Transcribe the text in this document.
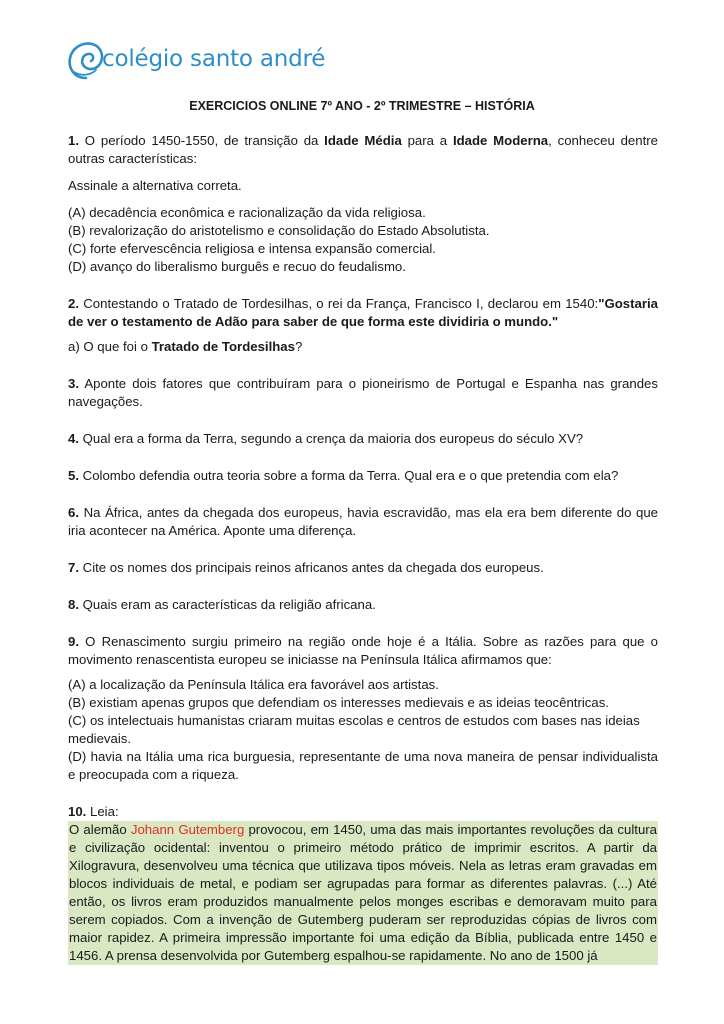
colégio santo andré
EXERCICIOS ONLINE 7º ANO - 2º TRIMESTRE – HISTÓRIA

1. O período 1450-1550, de transição da Idade Média para a Idade Moderna, conheceu dentre outras características:

Assinale a alternativa correta.

(A) decadência econômica e racionalização da vida religiosa.

(B) revalorização do aristotelismo e consolidação do Estado Absolutista.

(C) forte efervescência religiosa e intensa expansão comercial.

(D) avanço do liberalismo burguês e recuo do feudalismo.

2. Contestando o Tratado de Tordesilhas, o rei da França, Francisco I, declarou em 1540:"Gostaria de ver o testamento de Adão para saber de que forma este dividiria o mundo."

a) O que foi o Tratado de Tordesilhas?

3. Aponte dois fatores que contribuíram para o pioneirismo de Portugal e Espanha nas grandes navegações.

4. Qual era a forma da Terra, segundo a crença da maioria dos europeus do século XV?

5. Colombo defendia outra teoria sobre a forma da Terra. Qual era e o que pretendia com ela?

6. Na África, antes da chegada dos europeus, havia escravidão, mas ela era bem diferente do que iria acontecer na América. Aponte uma diferença.

7. Cite os nomes dos principais reinos africanos antes da chegada dos europeus.

8. Quais eram as características da religião africana.

9. O Renascimento surgiu primeiro na região onde hoje é a Itália. Sobre as razões para que o movimento renascentista europeu se iniciasse na Península Itálica afirmamos que:

(A) a localização da Península Itálica era favorável aos artistas.

(B) existiam apenas grupos que defendiam os interesses medievais e as ideias teocêntricas.

(C) os intelectuais humanistas criaram muitas escolas e centros de estudos com bases nas ideias medievais.

(D) havia na Itália uma rica burguesia, representante de uma nova maneira de pensar individualista e preocupada com a riqueza.

10. Leia:

O alemão Johann Gutemberg provocou, em 1450, uma das mais importantes revoluções da cultura e civilização ocidental: inventou o primeiro método prático de imprimir escritos. A partir da Xilogravura, desenvolveu uma técnica que utilizava tipos móveis. Nela as letras eram gravadas em blocos individuais de metal, e podiam ser agrupadas para formar as diferentes palavras. (...) Até então, os livros eram produzidos manualmente pelos monges escribas e demoravam muito para serem copiados. Com a invenção de Gutemberg puderam ser reproduzidas cópias de livros com maior rapidez. A primeira impressão importante foi uma edição da Bíblia, publicada entre 1450 e 1456. A prensa desenvolvida por Gutemberg espalhou-se rapidamente. No ano de 1500 já
